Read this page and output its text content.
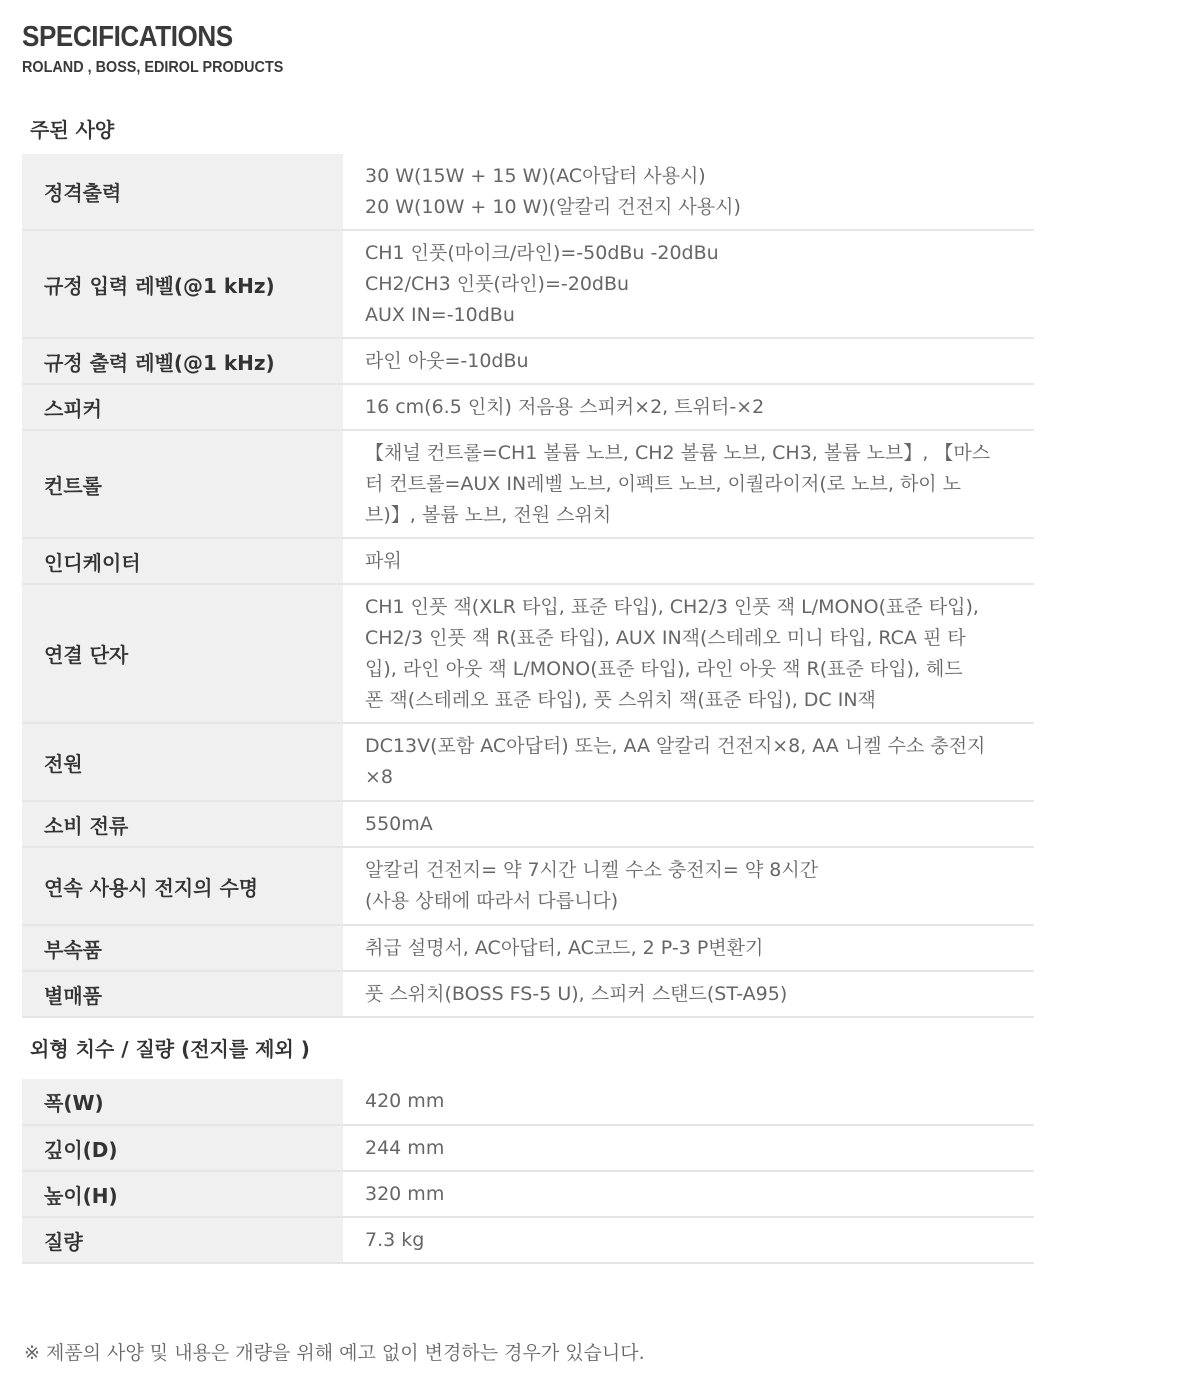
SPECIFICATIONS
ROLAND , BOSS, EDIROL PRODUCTS
주된 사양
정격출력	30 W(15W + 15 W)(AC아답터 사용시)
20 W(10W + 10 W)(알칼리 건전지 사용시)

규정 입력 레벨(@1 kHz)	CH1 인풋(마이크/라인)=-50dBu -20dBu
CH2/CH3 인풋(라인)=-20dBu
AUX IN=-10dBu

규정 출력 레벨(@1 kHz)	라인 아웃=-10dBu

스피커	16 cm(6.5 인치) 저음용 스피커×2, 트위터-×2

컨트롤	【채널 컨트롤=CH1 볼륨 노브, CH2 볼륨 노브, CH3, 볼륨 노브】, 【마스
터 컨트롤=AUX IN레벨 노브, 이펙트 노브, 이퀄라이저(로 노브, 하이 노
브)】, 볼륨 노브, 전원 스위치

인디케이터	파워

연결 단자	CH1 인풋 잭(XLR 타입, 표준 타입), CH2/3 인풋 잭 L/MONO(표준 타입),
CH2/3 인풋 잭 R(표준 타입), AUX IN잭(스테레오 미니 타입, RCA 핀 타
입), 라인 아웃 잭 L/MONO(표준 타입), 라인 아웃 잭 R(표준 타입), 헤드
폰 잭(스테레오 표준 타입), 풋 스위치 잭(표준 타입), DC IN잭

전원	DC13V(포함 AC아답터) 또는, AA 알칼리 건전지×8, AA 니켈 수소 충전지
×8

소비 전류	550mA

연속 사용시 전지의 수명	알칼리 건전지= 약 7시간 니켈 수소 충전지= 약 8시간
(사용 상태에 따라서 다릅니다)

부속품	취급 설명서, AC아답터, AC코드, 2 P-3 P변환기

별매품	풋 스위치(BOSS FS-5 U), 스피커 스탠드(ST-A95)
외형 치수 / 질량 (전지를 제외 )
폭(W)	420 mm

깊이(D)	244 mm

높이(H)	320 mm

질량	7.3 kg
※ 제품의 사양 및 내용은 개량을 위해 예고 없이 변경하는 경우가 있습니다.
